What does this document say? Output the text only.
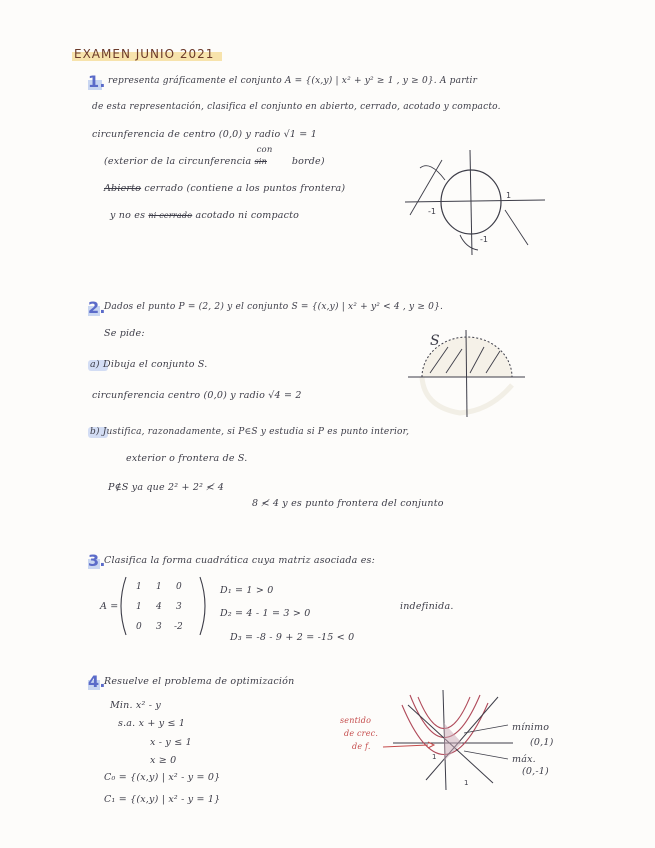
EXAMEN JUNIO 2021
1. representa gráficamente el conjunto A = {(x,y) | x² + y² ≥ 1 , y ≥ 0}. A partir
de esta representación, clasifica el conjunto en abierto, cerrado, acotado y compacto.
circunferencia de centro (0,0) y radio √1 = 1
(exterior de la circunferencia
con
sin	borde)
Abierto cerrado (contiene a los puntos frontera)
y no es ni cerrado acotado ni compacto	-1
1
-1
2.
Dados el punto P = (2, 2) y el conjunto S = {(x,y) | x² + y² < 4 , y ≥ 0}.
Se pide:
a) Dibuja el conjunto S.
circunferencia centro (0,0) y radio √4 = 2
S
b) Justifica, razonadamente, si P∈S y estudia si P es punto interior,
exterior o frontera de S.
P∉S ya que 2² + 2² ≮ 4
8 ≮ 4 y es punto frontera del conjunto
3.
Clasifica la forma cuadrática cuya matriz asociada es:
A =
1 1 0
1 4 3
0 3 -2
D₁ = 1 > 0
D₂ = 4 - 1 = 3 > 0
D₃ = -8 - 9 + 2 = -15 < 0
indefinida.
4.
Resuelve el problema de optimización
Min. x² - y
s.a. x + y ≤ 1
x - y ≤ 1
x ≥ 0
C₀ = {(x,y) | x² - y = 0}
C₁ = {(x,y) | x² - y = 1}
sentido
de crec.
de f.
1
1
mínimo
(0,1)
máx.
(0,-1)
